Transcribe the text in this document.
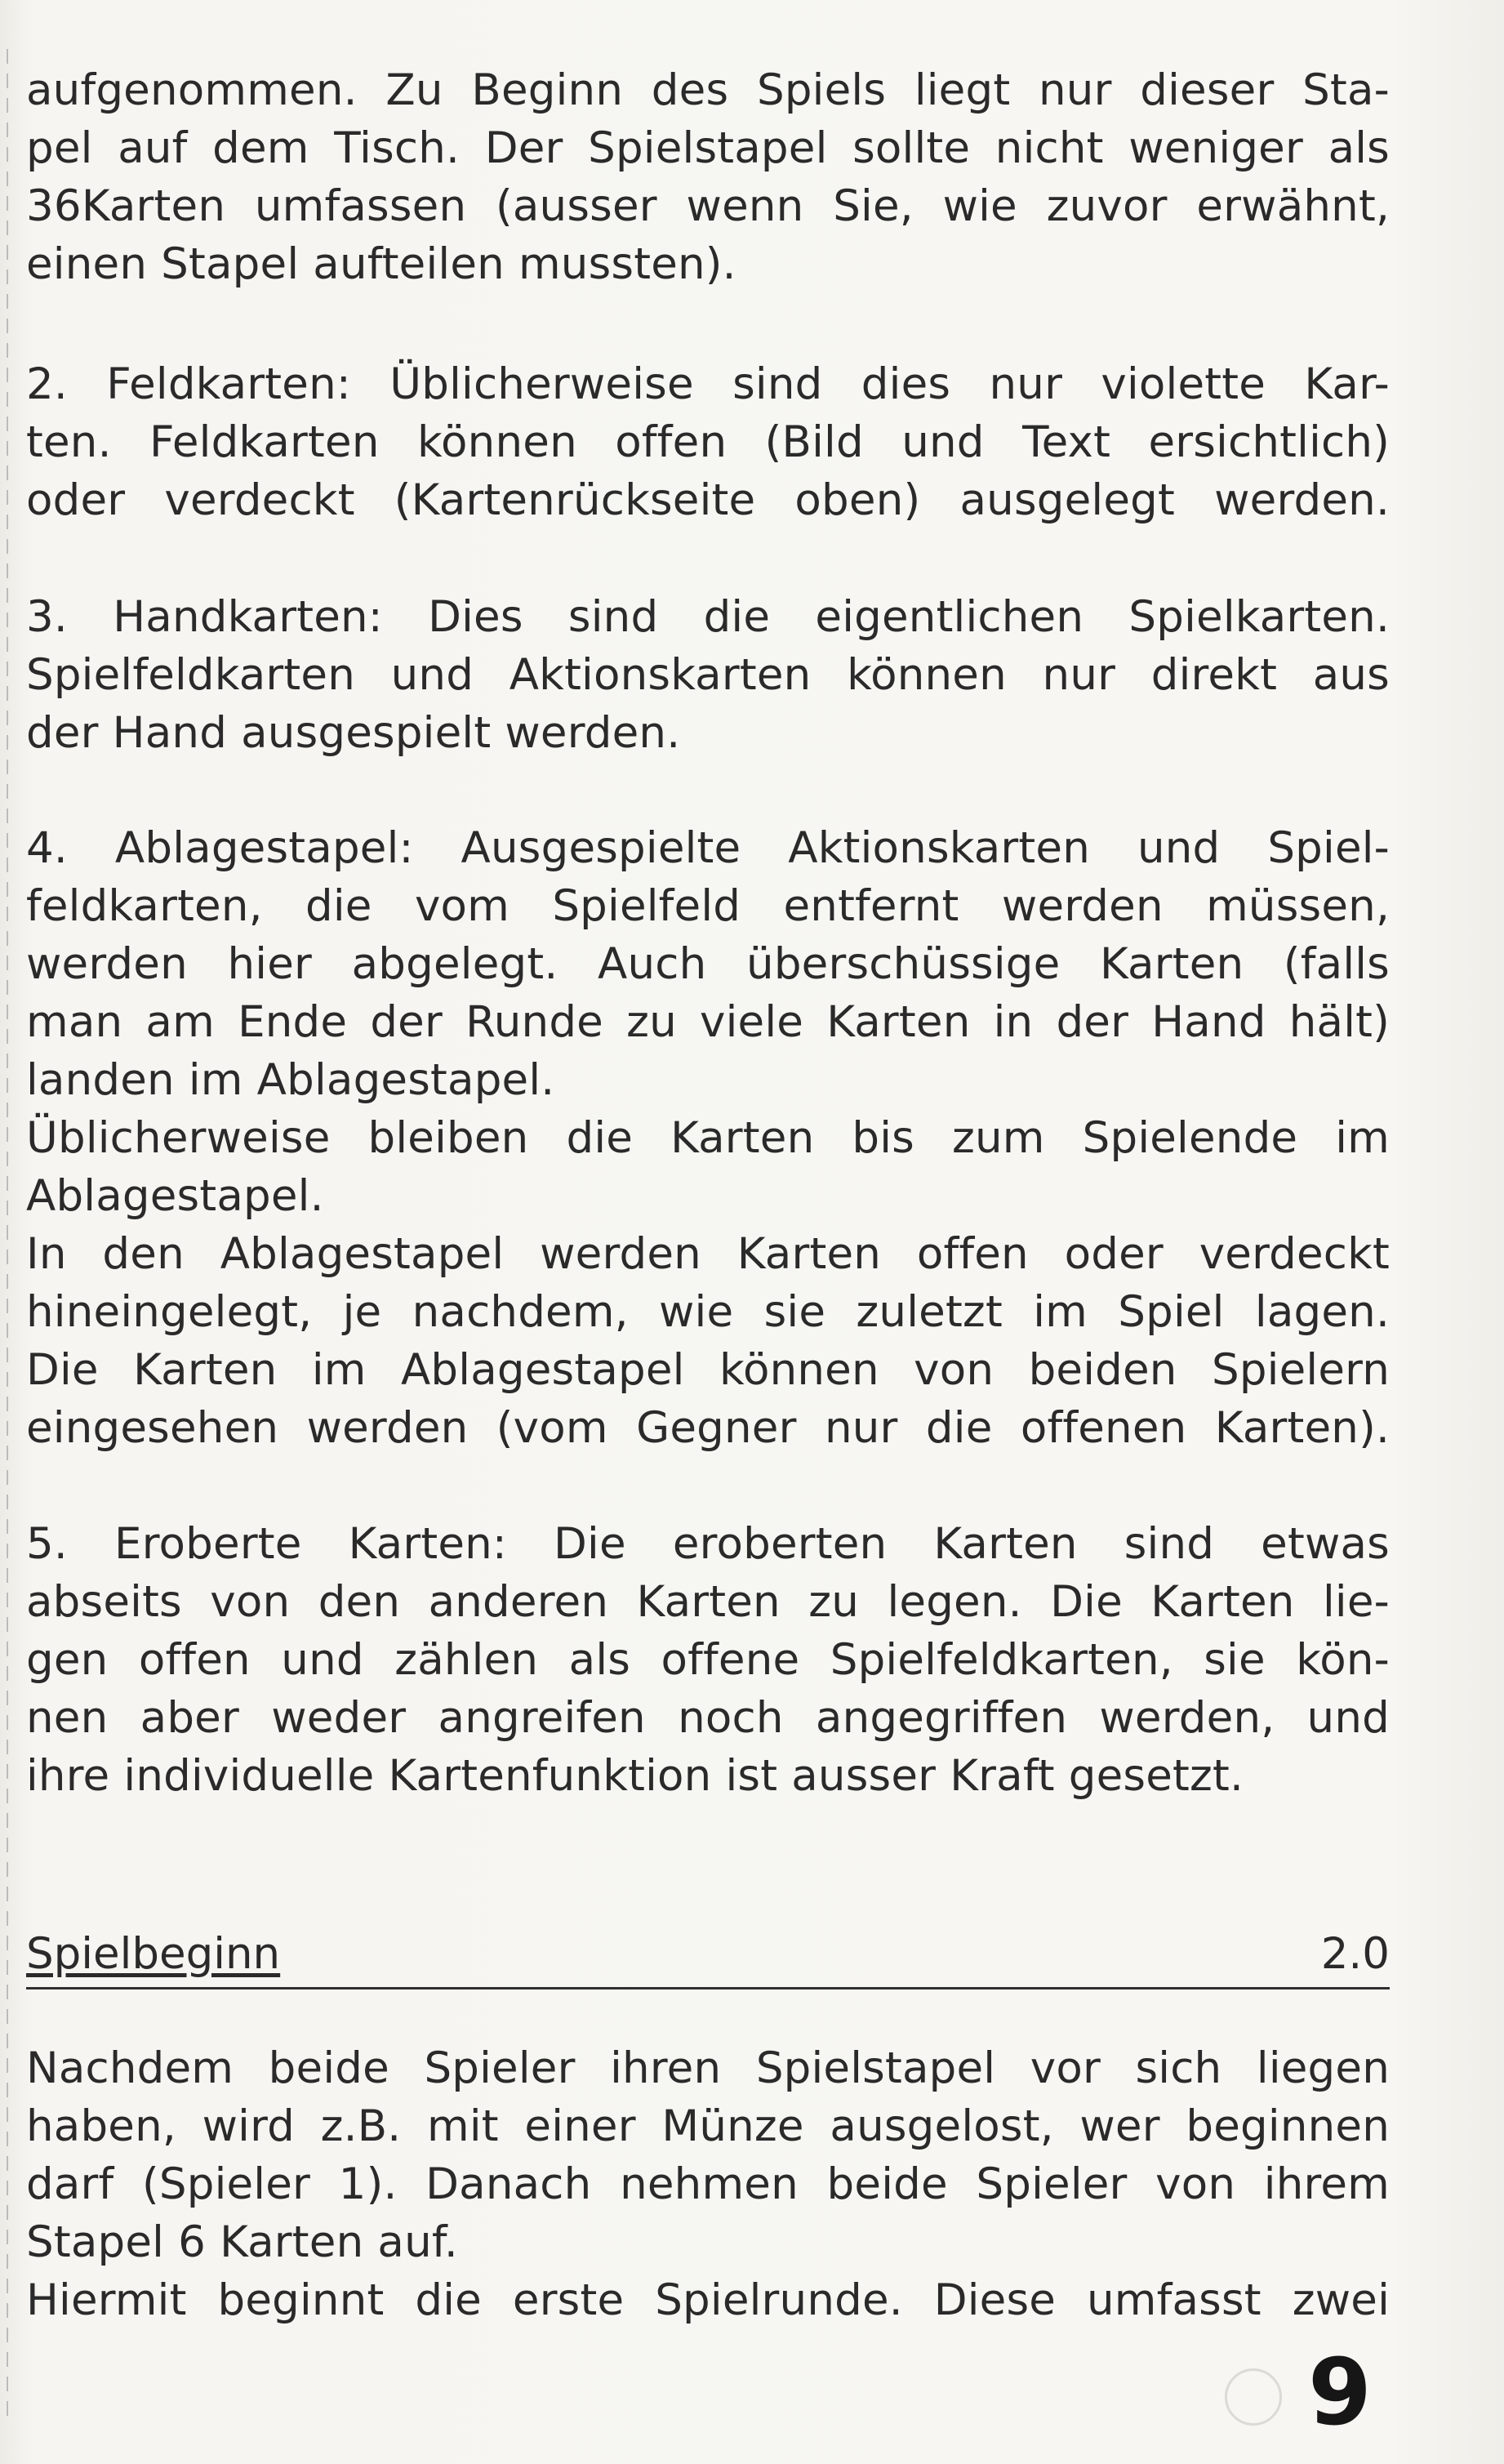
aufgenommen. Zu Beginn des Spiels liegt nur dieser Sta-
pel auf dem Tisch. Der Spielstapel sollte nicht weniger als
36Karten umfassen (ausser wenn Sie, wie zuvor erwähnt,
einen Stapel aufteilen mussten).
2. Feldkarten: Üblicherweise sind dies nur violette Kar-
ten. Feldkarten können offen (Bild und Text ersichtlich)
oder verdeckt (Kartenrückseite oben) ausgelegt werden.
3. Handkarten: Dies sind die eigentlichen Spielkarten.
Spielfeldkarten und Aktionskarten können nur direkt aus
der Hand ausgespielt werden.
4. Ablagestapel: Ausgespielte Aktionskarten und Spiel-
feldkarten, die vom Spielfeld entfernt werden müssen,
werden hier abgelegt. Auch überschüssige Karten (falls
man am Ende der Runde zu viele Karten in der Hand hält)
landen im Ablagestapel.
Üblicherweise bleiben die Karten bis zum Spielende im
Ablagestapel.
In den Ablagestapel werden Karten offen oder verdeckt
hineingelegt, je nachdem, wie sie zuletzt im Spiel lagen.
Die Karten im Ablagestapel können von beiden Spielern
eingesehen werden (vom Gegner nur die offenen Karten).
5. Eroberte Karten: Die eroberten Karten sind etwas
abseits von den anderen Karten zu legen. Die Karten lie-
gen offen und zählen als offene Spielfeldkarten, sie kön-
nen aber weder angreifen noch angegriffen werden, und
ihre individuelle Kartenfunktion ist ausser Kraft gesetzt.
Spielbeginn	2.0
Nachdem beide Spieler ihren Spielstapel vor sich liegen
haben, wird z.B. mit einer Münze ausgelost, wer beginnen
darf (Spieler 1). Danach nehmen beide Spieler von ihrem
Stapel 6 Karten auf.
Hiermit beginnt die erste Spielrunde. Diese umfasst zwei
9
